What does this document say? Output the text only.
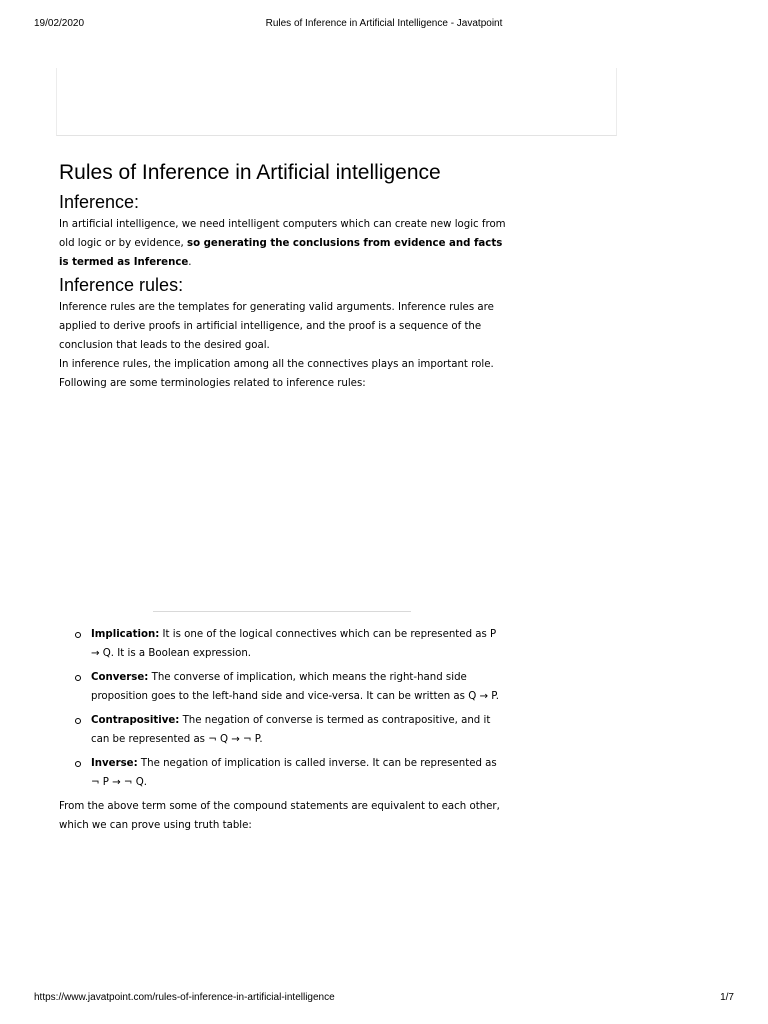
19/02/2020	Rules of Inference in Artificial Intelligence - Javatpoint
Rules of Inference in Artificial intelligence
Inference:

In artificial intelligence, we need intelligent computers which can create new logic from old logic or by evidence, so generating the conclusions from evidence and facts is termed as Inference.

Inference rules:

Inference rules are the templates for generating valid arguments. Inference rules are applied to derive proofs in artificial intelligence, and the proof is a sequence of the conclusion that leads to the desired goal.

In inference rules, the implication among all the connectives plays an important role. Following are some terminologies related to inference rules:

Implication: It is one of the logical connectives which can be represented as P → Q. It is a Boolean expression.
Converse: The converse of implication, which means the right-hand side proposition goes to the left-hand side and vice-versa. It can be written as Q → P.
Contrapositive: The negation of converse is termed as contrapositive, and it can be represented as ¬ Q → ¬ P.
Inverse: The negation of implication is called inverse. It can be represented as ¬ P → ¬ Q.

From the above term some of the compound statements are equivalent to each other, which we can prove using truth table:

https://www.javatpoint.com/rules-of-inference-in-artificial-intelligence	1/7
